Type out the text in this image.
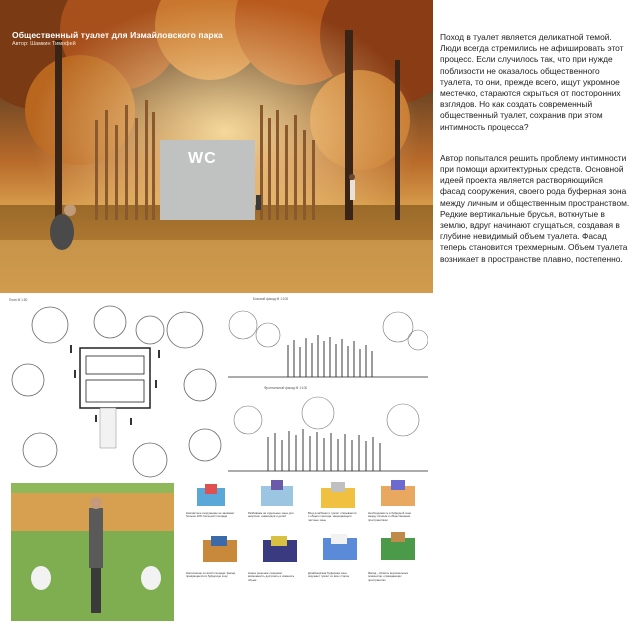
WC
Общественный туалет для Измайловского парка
Автор: Шамкин Тимофей

Поход в туалет является деликатной темой. Люди всегда стремились не афишировать этот процесс. Если случилось так, что при нужде поблизости не оказалось общественного туалета, то они, прежде всего, ищут укромное местечко, стараются скрыться от посторонних взглядов. Но как создать современный общественный туалет, сохранив при этом интимность процесса?

Автор попытался решить проблему интимности при помощи архитектурных средств. Основной идеей проекта является растворяющийся фасад сооружения, своего рода буферная зона между личным и общественным пространством. Редкие вертикальные брусья, воткнутые в землю, вдруг начинают сгущаться, создавая в глубине невидимый объем туалета. Фасад теперь становится трехмерным. Объем туалета возникает в пространстве плавно, постепенно.

План М 1:50	Боковой фасад М 1:100
Фронтальный фасад М 1:100
Компактное сооружение не занимает больше 20% большой площади
Разбиваем на отдельные зоны для незрячих, инвалидов и детей
Вход в кабинки и туалет открывается с общего прохода, защищающего частные зоны
Необходимость в буферной зоне между личным и общественным пространством
Наполнение по всей площади: фасад превращается в буферную зону
Новое решение сохраняет возможность достроить и изменить объем
Дизайнерская буферная зона окружает туалет со всех сторон
Фасад - область вертикальных элементов, ограждающих пространство
